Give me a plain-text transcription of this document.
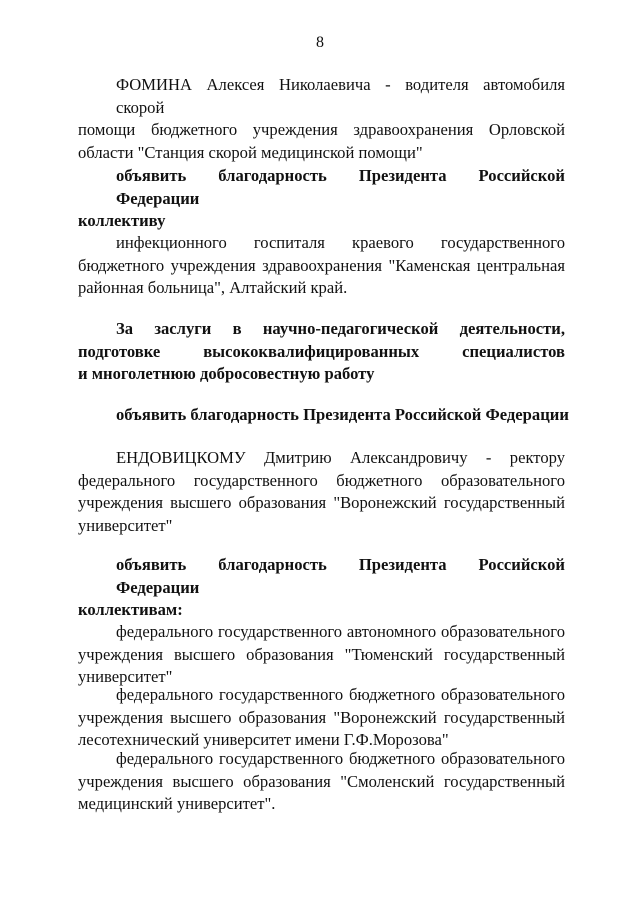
8
ФОМИНА Алексея Николаевича - водителя автомобиля скорой
помощи бюджетного учреждения здравоохранения Орловской
области "Станция скорой медицинской помощи"
объявить благодарность Президента Российской Федерации
коллективу
инфекционного госпиталя краевого государственного
бюджетного учреждения здравоохранения "Каменская центральная
районная больница", Алтайский край.
За заслуги в научно-педагогической деятельности,
подготовке высококвалифицированных специалистов
и многолетнюю добросовестную работу
объявить благодарность Президента Российской Федерации
ЕНДОВИЦКОМУ Дмитрию Александровичу - ректору
федерального государственного бюджетного образовательного
учреждения высшего образования "Воронежский государственный
университет"
объявить благодарность Президента Российской Федерации
коллективам:
федерального государственного автономного образовательного
учреждения высшего образования "Тюменский государственный
университет"
федерального государственного бюджетного образовательного
учреждения высшего образования "Воронежский государственный
лесотехнический университет имени Г.Ф.Морозова"
федерального государственного бюджетного образовательного
учреждения высшего образования "Смоленский государственный
медицинский университет".
